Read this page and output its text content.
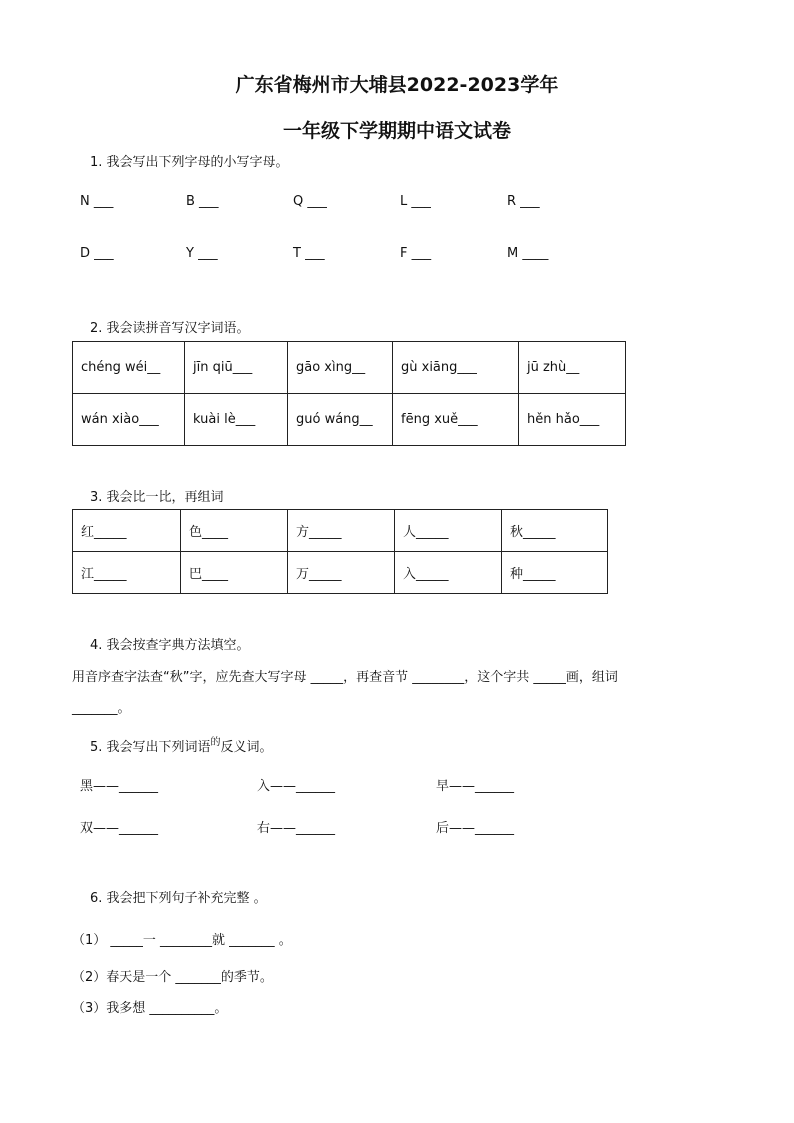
广东省梅州市大埔县2022-2023学年
一年级下学期期中语文试卷
1. 我会写出下列字母的小写字母。
N ___	B ___	Q ___	L ___	R ___
D ___	Y ___	T ___	F ___	M ____
2. 我会读拼音写汉字词语。
chéng wéi__	jīn qiū___	gāo xìng__	gù xiāng___	jū zhù__
wán xiào___	kuài lè___	guó wáng__	fēng xuě___	hěn hǎo___
3. 我会比一比，再组词
红_____	色____	方_____	人_____	秋_____
江_____	巴____	万_____	入_____	种_____
4. 我会按查字典方法填空。
用音序查字法查“秋”字，应先查大写字母 _____，再查音节 ________，这个字共 _____画，组词
_______。
5. 我会写出下列词语$^的$反义词。
黑——______	入——______	早——______
双——______	右——______	后——______
6. 我会把下列句子补充完整 。
（1） _____一 ________就 _______ 。
（2）春天是一个 _______的季节。
（3）我多想 __________。
